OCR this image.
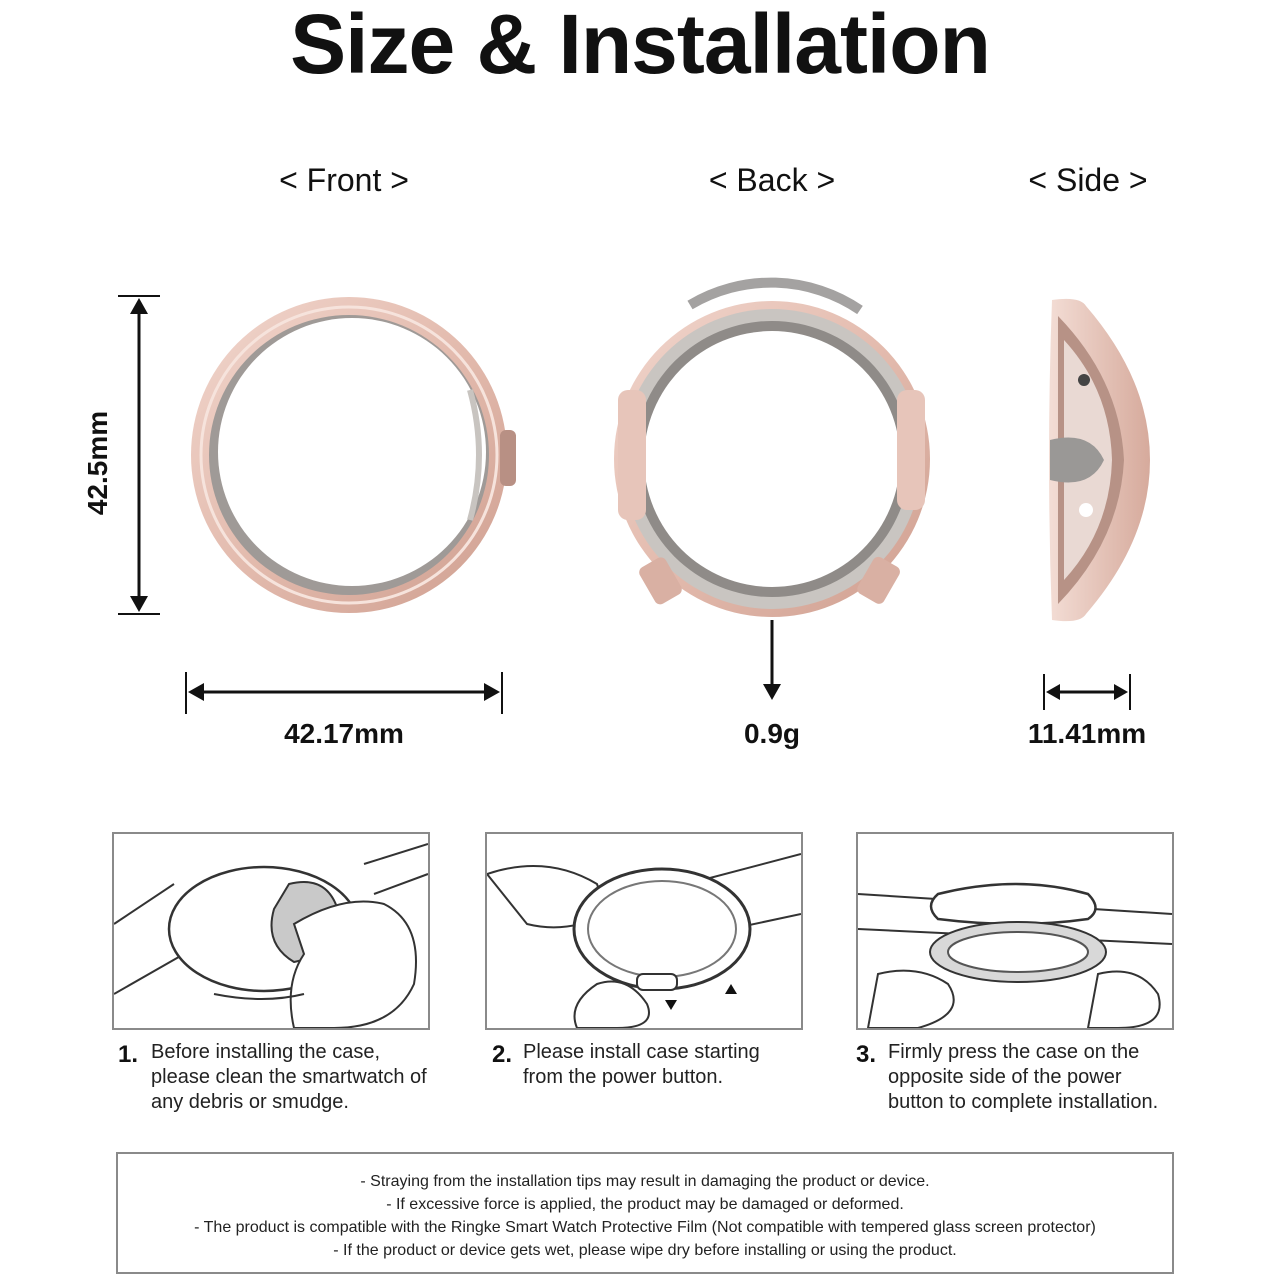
Size & Installation
< Front >	< Back >	< Side >
42.5mm
42.17mm	0.9g	11.41mm
1. Before installing the case,
please clean the smartwatch of
any debris or smudge.
2. Please install case starting
from the power button.
3. Firmly press the case on the
opposite side of the power
button to complete installation.
- Straying from the installation tips may result in damaging the product or device.
- If excessive force is applied, the product may be damaged or deformed.
- The product is compatible with the Ringke Smart Watch Protective Film (Not compatible with tempered glass screen protector)
- If the product or device gets wet, please wipe dry before installing or using the product.
